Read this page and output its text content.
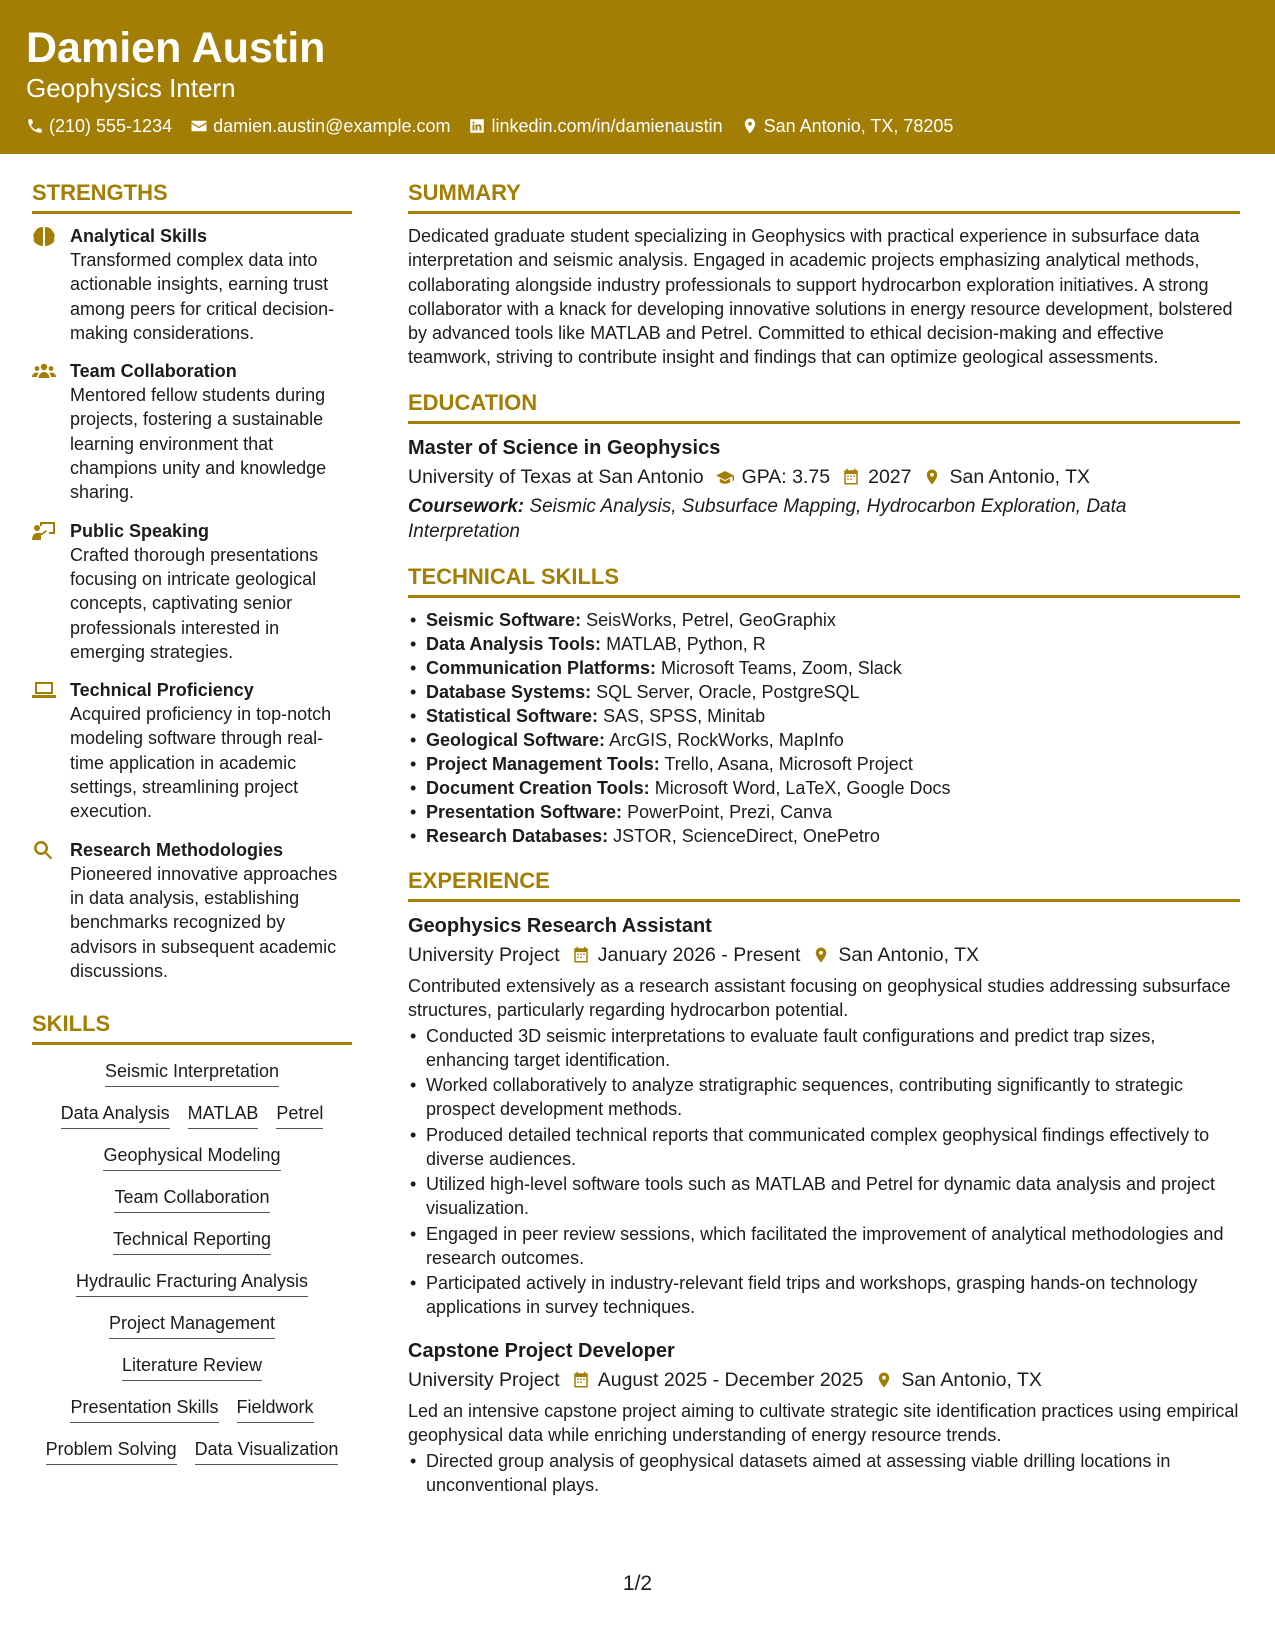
Damien Austin
Geophysics Intern
(210) 555-1234 damien.austin@example.com linkedin.com/in/damienaustin San Antonio, TX, 78205
STRENGTHS
Analytical Skills
Transformed complex data into actionable insights, earning trust among peers for critical decision-making considerations.
Team Collaboration
Mentored fellow students during projects, fostering a sustainable learning environment that champions unity and knowledge sharing.
Public Speaking
Crafted thorough presentations focusing on intricate geological concepts, captivating senior professionals interested in emerging strategies.
Technical Proficiency
Acquired proficiency in top-notch modeling software through real-time application in academic settings, streamlining project execution.
Research Methodologies
Pioneered innovative approaches in data analysis, establishing benchmarks recognized by advisors in subsequent academic discussions.
SKILLS
Seismic Interpretation
Data Analysis MATLAB Petrel
Geophysical Modeling
Team Collaboration
Technical Reporting
Hydraulic Fracturing Analysis
Project Management
Literature Review
Presentation Skills Fieldwork
Problem Solving Data Visualization
SUMMARY
Dedicated graduate student specializing in Geophysics with practical experience in subsurface data interpretation and seismic analysis. Engaged in academic projects emphasizing analytical methods, collaborating alongside industry professionals to support hydrocarbon exploration initiatives. A strong collaborator with a knack for developing innovative solutions in energy resource development, bolstered by advanced tools like MATLAB and Petrel. Committed to ethical decision-making and effective teamwork, striving to contribute insight and findings that can optimize geological assessments.
EDUCATION
Master of Science in Geophysics
University of Texas at San Antonio GPA: 3.75 2027 San Antonio, TX
Coursework: Seismic Analysis, Subsurface Mapping, Hydrocarbon Exploration, Data Interpretation
TECHNICAL SKILLS
• Seismic Software: SeisWorks, Petrel, GeoGraphix
• Data Analysis Tools: MATLAB, Python, R
• Communication Platforms: Microsoft Teams, Zoom, Slack
• Database Systems: SQL Server, Oracle, PostgreSQL
• Statistical Software: SAS, SPSS, Minitab
• Geological Software: ArcGIS, RockWorks, MapInfo
• Project Management Tools: Trello, Asana, Microsoft Project
• Document Creation Tools: Microsoft Word, LaTeX, Google Docs
• Presentation Software: PowerPoint, Prezi, Canva
• Research Databases: JSTOR, ScienceDirect, OnePetro
EXPERIENCE
Geophysics Research Assistant
University Project January 2026 - Present San Antonio, TX
Contributed extensively as a research assistant focusing on geophysical studies addressing subsurface structures, particularly regarding hydrocarbon potential.
• Conducted 3D seismic interpretations to evaluate fault configurations and predict trap sizes, enhancing target identification.
• Worked collaboratively to analyze stratigraphic sequences, contributing significantly to strategic prospect development methods.
• Produced detailed technical reports that communicated complex geophysical findings effectively to diverse audiences.
• Utilized high-level software tools such as MATLAB and Petrel for dynamic data analysis and project visualization.
• Engaged in peer review sessions, which facilitated the improvement of analytical methodologies and research outcomes.
• Participated actively in industry-relevant field trips and workshops, grasping hands-on technology applications in survey techniques.
Capstone Project Developer
University Project August 2025 - December 2025 San Antonio, TX
Led an intensive capstone project aiming to cultivate strategic site identification practices using empirical geophysical data while enriching understanding of energy resource trends.
• Directed group analysis of geophysical datasets aimed at assessing viable drilling locations in unconventional plays.
1/2
